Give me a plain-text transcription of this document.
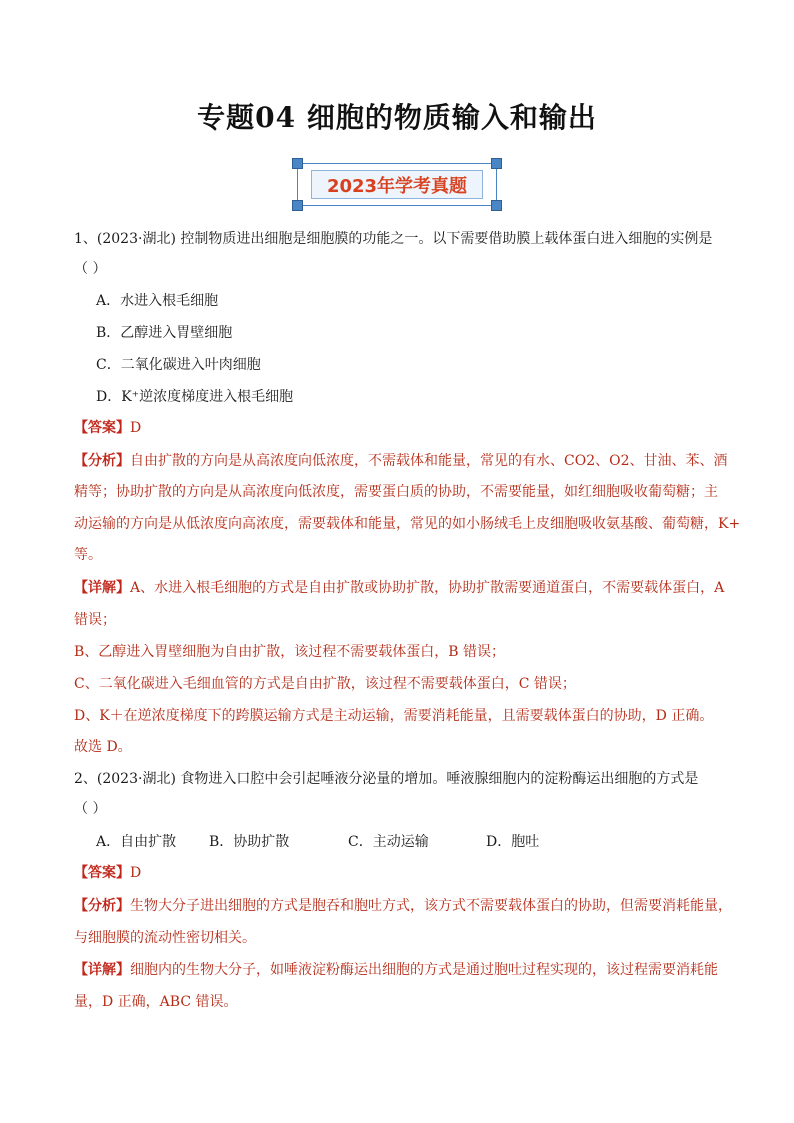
专题04 细胞的物质输入和输出
2023年学考真题
1、(2023·湖北) 控制物质进出细胞是细胞膜的功能之一。以下需要借助膜上载体蛋白进入细胞的实例是
（ ）
A．水进入根毛细胞
B．乙醇进入胃壁细胞
C．二氧化碳进入叶肉细胞
D．K⁺逆浓度梯度进入根毛细胞
【答案】D
【分析】自由扩散的方向是从高浓度向低浓度，不需载体和能量，常见的有水、CO2、O2、甘油、苯、酒
精等；协助扩散的方向是从高浓度向低浓度，需要蛋白质的协助，不需要能量，如红细胞吸收葡萄糖；主
动运输的方向是从低浓度向高浓度，需要载体和能量，常见的如小肠绒毛上皮细胞吸收氨基酸、葡萄糖，K+
等。
【详解】A、水进入根毛细胞的方式是自由扩散或协助扩散，协助扩散需要通道蛋白，不需要载体蛋白，A
错误；
B、乙醇进入胃壁细胞为自由扩散，该过程不需要载体蛋白，B 错误；
C、二氧化碳进入毛细血管的方式是自由扩散，该过程不需要载体蛋白，C 错误；
D、K＋在逆浓度梯度下的跨膜运输方式是主动运输，需要消耗能量，且需要载体蛋白的协助，D 正确。
故选 D。
2、(2023·湖北) 食物进入口腔中会引起唾液分泌量的增加。唾液腺细胞内的淀粉酶运出细胞的方式是
（ ）
A．自由扩散 B．协助扩散	C．主动运输	D．胞吐
【答案】D
【分析】生物大分子进出细胞的方式是胞吞和胞吐方式，该方式不需要载体蛋白的协助，但需要消耗能量，
与细胞膜的流动性密切相关。
【详解】细胞内的生物大分子，如唾液淀粉酶运出细胞的方式是通过胞吐过程实现的，该过程需要消耗能
量，D 正确，ABC 错误。
